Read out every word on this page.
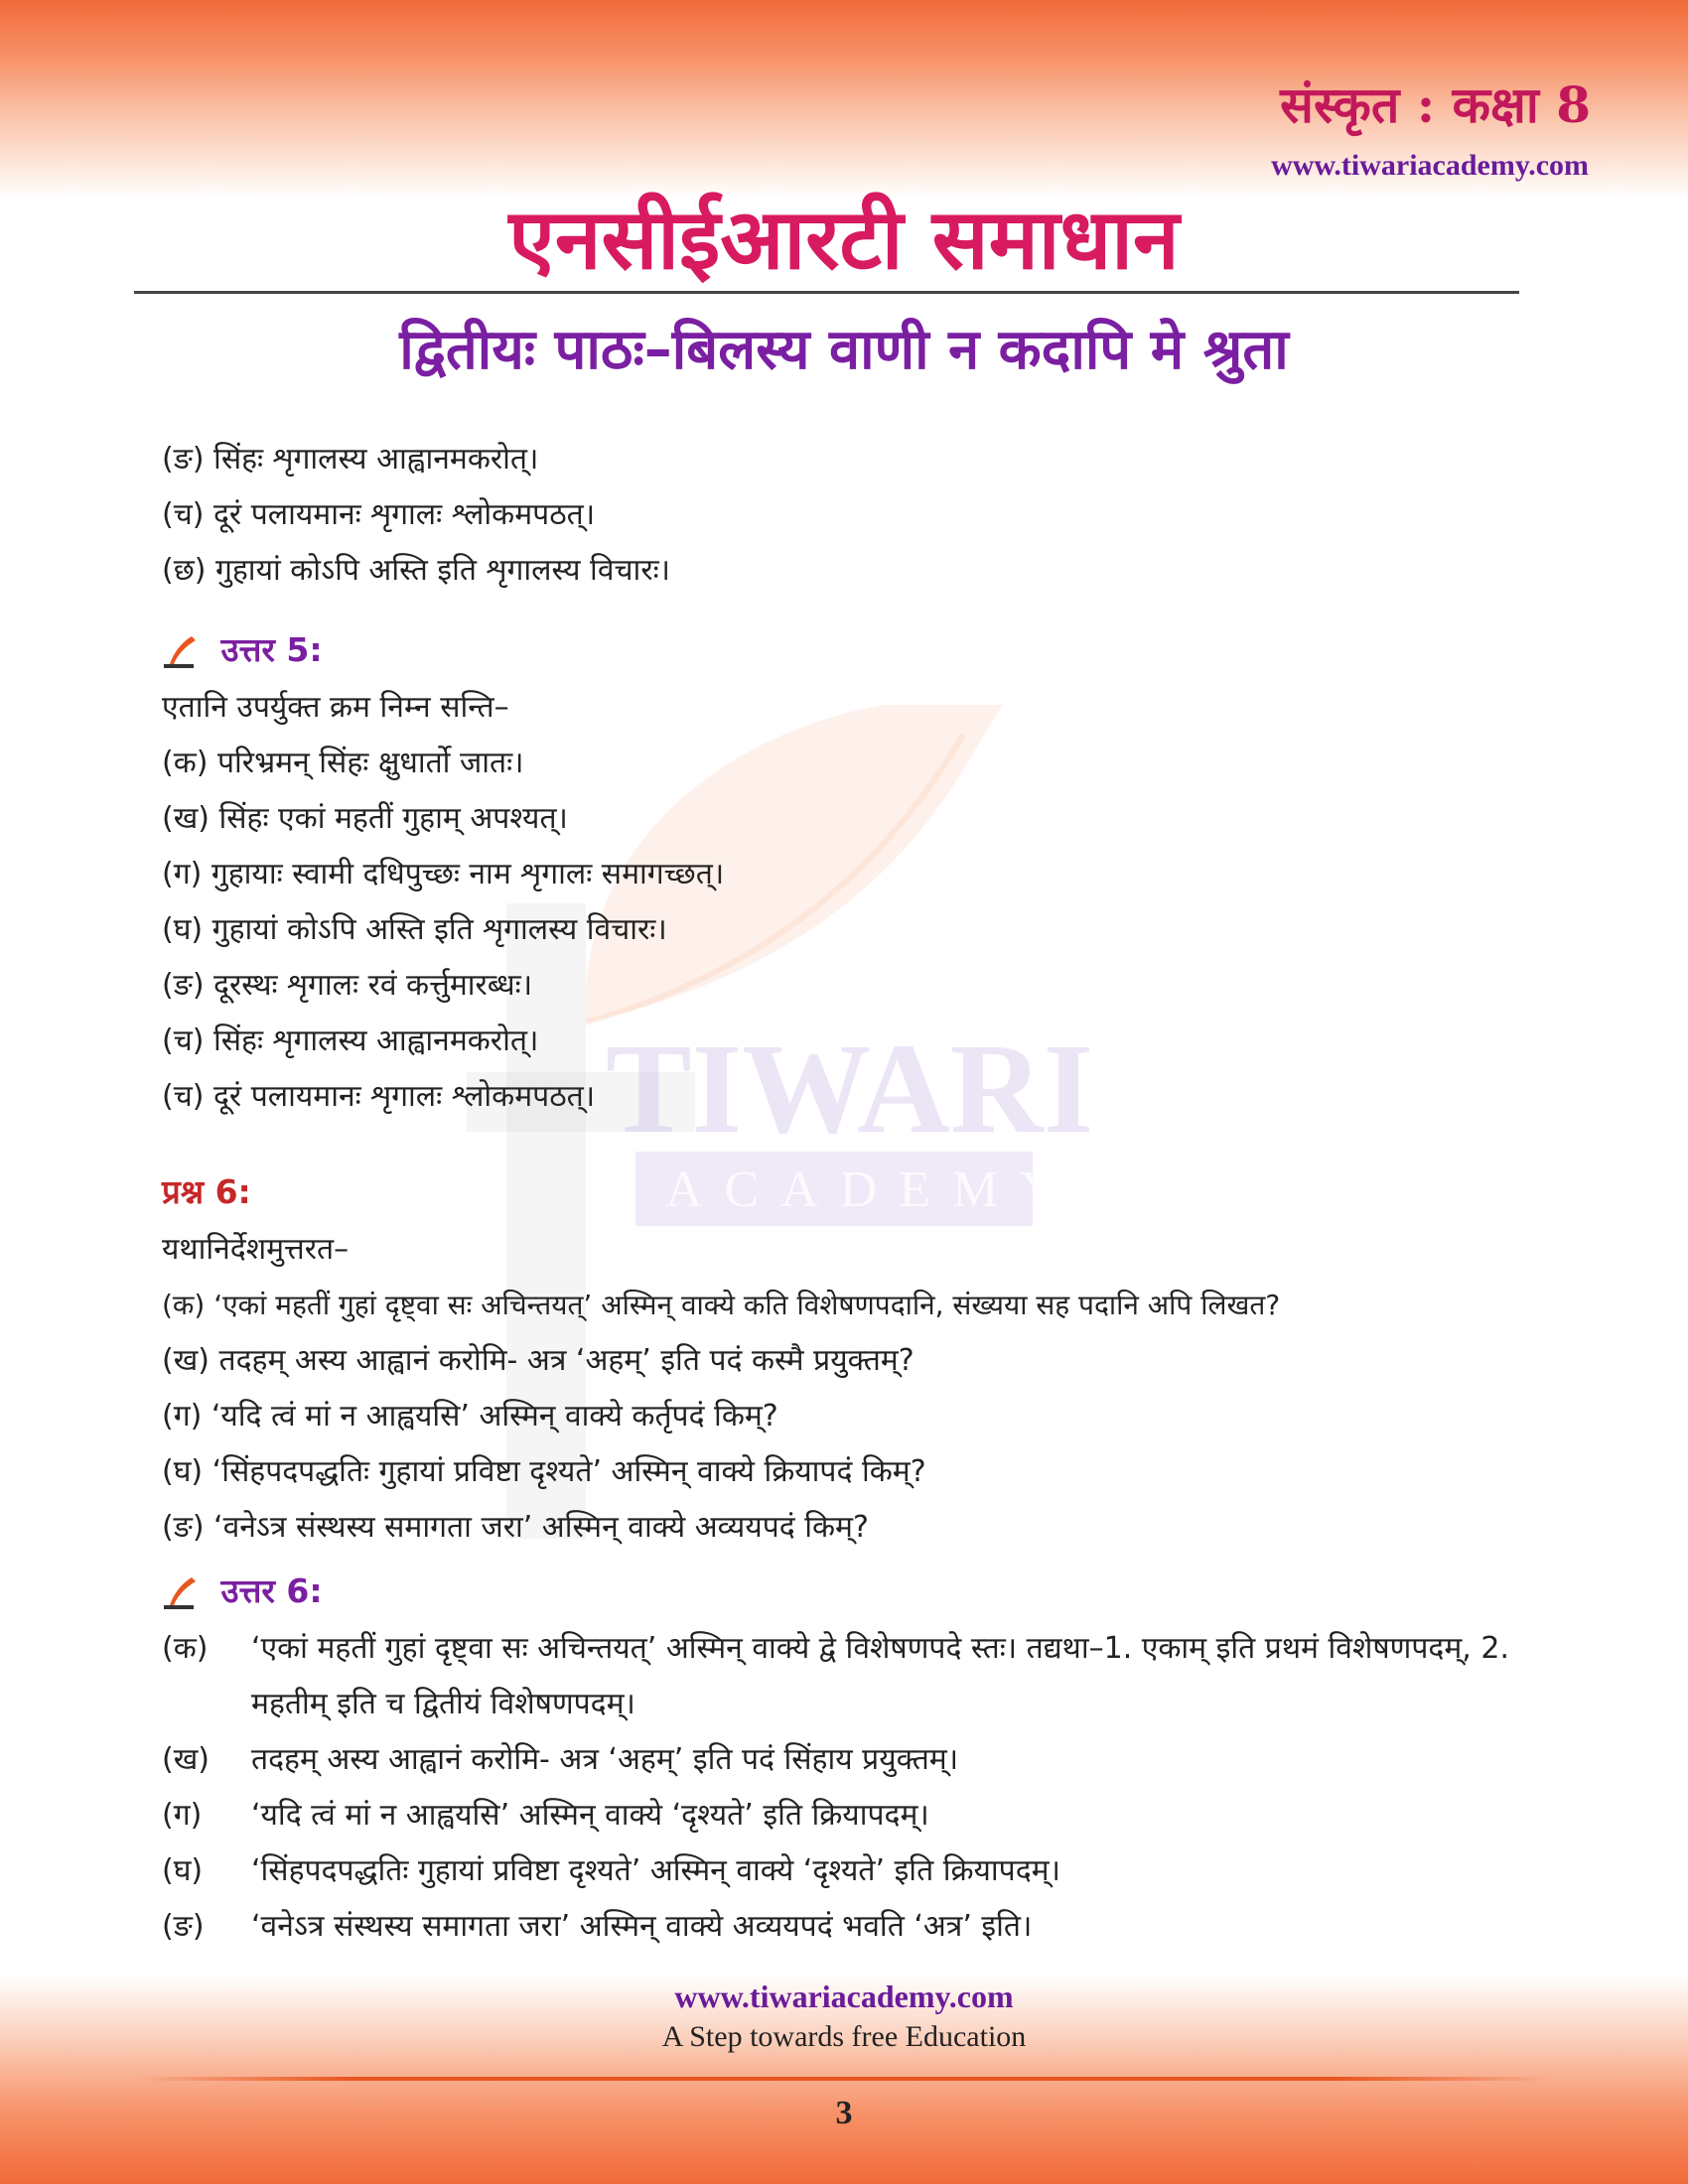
संस्कृत : कक्षा 8
www.tiwariacademy.com
एनसीईआरटी समाधान
द्वितीयः पाठः–बिलस्य वाणी न कदापि मे श्रुता
TIWARI
ACADEMY
(ङ) सिंहः शृगालस्य आह्वानमकरोत्।
(च) दूरं पलायमानः शृगालः श्लोकमपठत्।
(छ) गुहायां कोऽपि अस्ति इति शृगालस्य विचारः।
उत्तर 5:
एतानि उपर्युक्त क्रम निम्न सन्ति–
(क) परिभ्रमन् सिंहः क्षुधार्तो जातः।
(ख) सिंहः एकां महतीं गुहाम् अपश्यत्।
(ग) गुहायाः स्वामी दधिपुच्छः नाम शृगालः समागच्छत्।
(घ) गुहायां कोऽपि अस्ति इति शृगालस्य विचारः।
(ङ) दूरस्थः शृगालः रवं कर्त्तुमारब्धः।
(च) सिंहः शृगालस्य आह्वानमकरोत्।
(च) दूरं पलायमानः शृगालः श्लोकमपठत्।
प्रश्न 6:
यथानिर्देशमुत्तरत–
(क) ‘एकां महतीं गुहां दृष्ट्वा सः अचिन्तयत्’ अस्मिन् वाक्ये कति विशेषणपदानि, संख्यया सह पदानि अपि लिखत?
(ख) तदहम् अस्य आह्वानं करोमि- अत्र ‘अहम्’ इति पदं कस्मै प्रयुक्तम्?
(ग) ‘यदि त्वं मां न आह्वयसि’ अस्मिन् वाक्ये कर्तृपदं किम्?
(घ) ‘सिंहपदपद्धतिः गुहायां प्रविष्टा दृश्यते’ अस्मिन् वाक्ये क्रियापदं किम्?
(ङ) ‘वनेऽत्र संस्थस्य समागता जरा’ अस्मिन् वाक्ये अव्ययपदं किम्?
उत्तर 6:
(क)	‘एकां महतीं गुहां दृष्ट्वा सः अचिन्तयत्’ अस्मिन् वाक्ये द्वे विशेषणपदे स्तः। तद्यथा–1. एकाम् इति प्रथमं विशेषणपदम्, 2. महतीम् इति च द्वितीयं विशेषणपदम्।
(ख)	तदहम् अस्य आह्वानं करोमि- अत्र ‘अहम्’ इति पदं सिंहाय प्रयुक्तम्।
(ग)	‘यदि त्वं मां न आह्वयसि’ अस्मिन् वाक्ये ‘दृश्यते’ इति क्रियापदम्।
(घ)	‘सिंहपदपद्धतिः गुहायां प्रविष्टा दृश्यते’ अस्मिन् वाक्ये ‘दृश्यते’ इति क्रियापदम्।
(ङ)	‘वनेऽत्र संस्थस्य समागता जरा’ अस्मिन् वाक्ये अव्ययपदं भवति ‘अत्र’ इति।
www.tiwariacademy.com
A Step towards free Education
3
